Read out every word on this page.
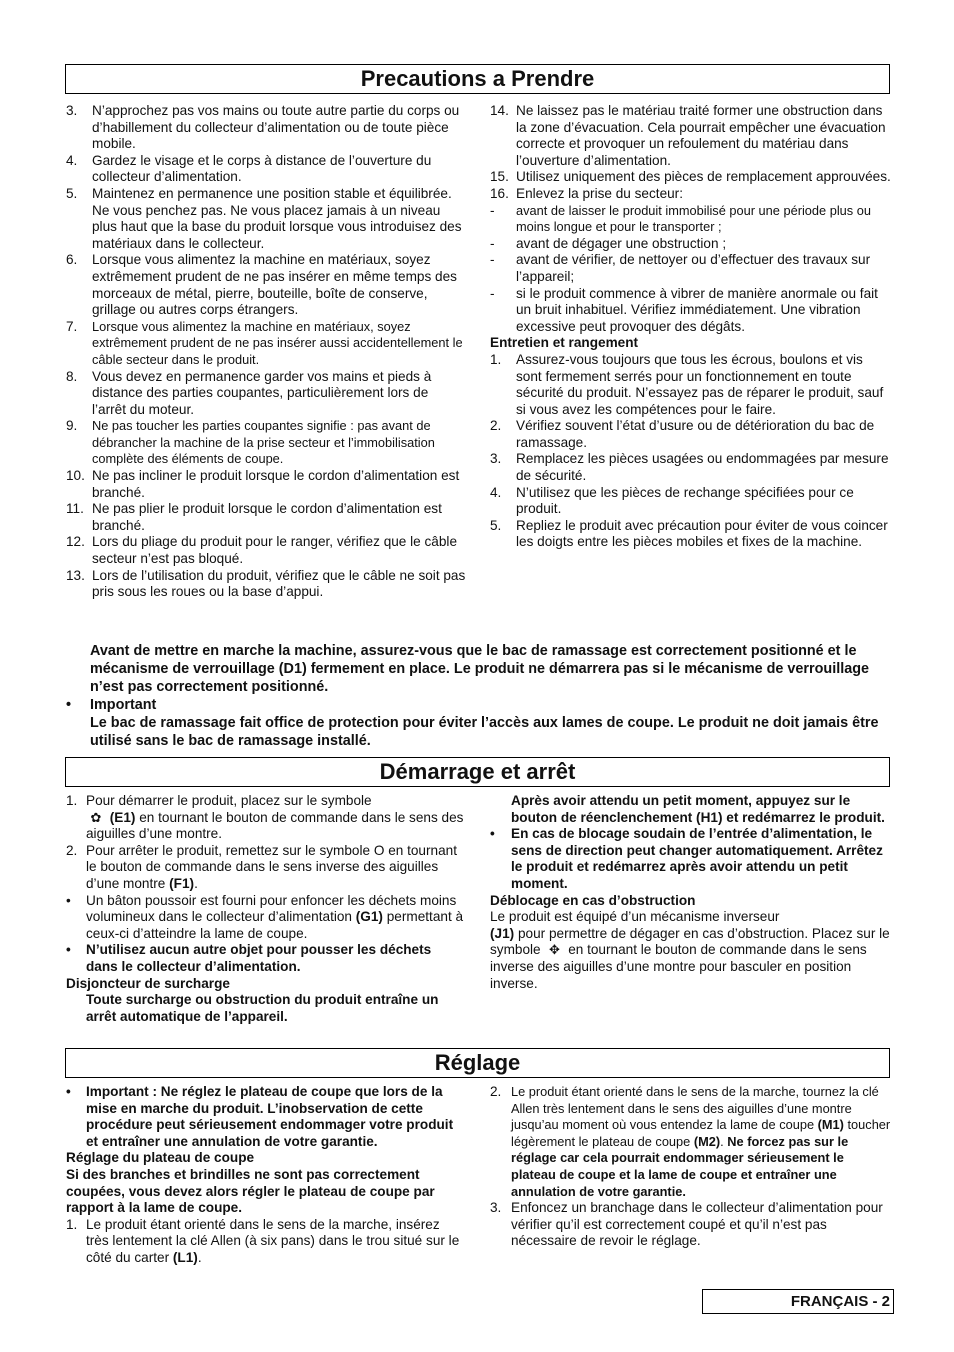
Precautions a Prendre
3.	N’approchez pas vos mains ou toute autre partie du corps ou d’habillement du collecteur d’alimentation ou de toute pièce mobile.
4.	Gardez le visage et le corps à distance de l’ouverture du collecteur d’alimentation.
5.	Maintenez en permanence une position stable et équilibrée. Ne vous penchez pas. Ne vous placez jamais à un niveau plus haut que la base du produit lorsque vous introduisez des matériaux dans le collecteur.
6.	Lorsque vous alimentez la machine en matériaux, soyez extrêmement prudent de ne pas insérer en même temps des morceaux de métal, pierre, bouteille, boîte de conserve, grillage ou autres corps étrangers.
7.	Lorsque vous alimentez la machine en matériaux, soyez extrêmement prudent de ne pas insérer aussi accidentellement le câble secteur dans le produit.
8.	Vous devez en permanence garder vos mains et pieds à distance des parties coupantes, particulièrement lors de l’arrêt du moteur.
9.	Ne pas toucher les parties coupantes signifie : pas avant de débrancher la machine de la prise secteur et l’immobilisation complète des éléments de coupe.
10. Ne pas incliner le produit lorsque le cordon d’alimentation est branché.
11. Ne pas plier le produit lorsque le cordon d’alimentation est branché.
12. Lors du pliage du produit pour le ranger, vérifiez que le câble secteur n’est pas bloqué.
13. Lors de l’utilisation du produit, vérifiez que le câble ne soit pas pris sous les roues ou la base d’appui.
14. Ne laissez pas le matériau traité former une obstruction dans la zone d’évacuation. Cela pourrait empêcher une évacuation correcte et provoquer un refoulement du matériau dans l’ouverture d’alimentation.
15. Utilisez uniquement des pièces de remplacement approuvées.
16. Enlevez la prise du secteur:
-	avant de laisser le produit immobilisé pour une période plus ou moins longue et pour le transporter ;
-	avant de dégager une obstruction ;
-	avant de vérifier, de nettoyer ou d’effectuer des travaux sur l’appareil;
-	si le produit commence à vibrer de manière anormale ou fait un bruit inhabituel. Vérifiez immédiatement. Une vibration excessive peut provoquer des dégâts.
Entretien et rangement
1.	Assurez-vous toujours que tous les écrous, boulons et vis sont fermement serrés pour un fonctionnement en toute sécurité du produit. N’essayez pas de réparer le produit, sauf si vous avez les compétences pour le faire.
2.	Vérifiez souvent l’état d’usure ou de détérioration du bac de ramassage.
3.	Remplacez les pièces usagées ou endommagées par mesure de sécurité.
4.	N’utilisez que les pièces de rechange spécifiées pour ce produit.
5.	Repliez le produit avec précaution pour éviter de vous coincer les doigts entre les pièces mobiles et fixes de la machine.
Avant de mettre en marche la machine, assurez-vous que le bac de ramassage est correctement positionné et le mécanisme de verrouillage (D1) fermement en place. Le produit ne démarrera pas si le mécanisme de verrouillage n’est pas correctement positionné.
•	Important
Le bac de ramassage fait office de protection pour éviter l’accès aux lames de coupe. Le produit ne doit jamais être utilisé sans le bac de ramassage installé.
Démarrage et arrêt
1. Pour démarrer le produit, placez sur le symbole
✿ (E1) en tournant le bouton de commande dans le sens des aiguilles d’une montre.
2. Pour arrêter le produit, remettez sur le symbole O en tournant le bouton de commande dans le sens inverse des aiguilles d’une montre (F1).
•	Un bâton poussoir est fourni pour enfoncer les déchets moins volumineux dans le collecteur d’alimentation (G1) permettant à ceux-ci d’atteindre la lame de coupe.
•	N’utilisez aucun autre objet pour pousser les déchets dans le collecteur d’alimentation.
Disjoncteur de surcharge
Toute surcharge ou obstruction du produit entraîne un arrêt automatique de l’appareil.
Après avoir attendu un petit moment, appuyez sur le bouton de réenclenchement (H1) et redémarrez le produit.
•	En cas de blocage soudain de l’entrée d’alimentation, le sens de direction peut changer automatiquement. Arrêtez le produit et redémarrez après avoir attendu un petit moment.
Déblocage en cas d’obstruction
Le produit est équipé d’un mécanisme inverseur
(J1) pour permettre de dégager en cas d’obstruction. Placez sur le symbole ✥ en tournant le bouton de commande dans le sens inverse des aiguilles d’une montre pour basculer en position inverse.
Réglage
•	Important : Ne réglez le plateau de coupe que lors de la mise en marche du produit. L’inobservation de cette procédure peut sérieusement endommager votre produit et entraîner une annulation de votre garantie.
Réglage du plateau de coupe
Si des branches et brindilles ne sont pas correctement coupées, vous devez alors régler le plateau de coupe par rapport à la lame de coupe.
1. Le produit étant orienté dans le sens de la marche, insérez très lentement la clé Allen (à six pans) dans le trou situé sur le côté du carter (L1).
2. Le produit étant orienté dans le sens de la marche, tournez la clé Allen très lentement dans le sens des aiguilles d’une montre jusqu’au moment où vous entendez la lame de coupe (M1) toucher légèrement le plateau de coupe (M2). Ne forcez pas sur le réglage car cela pourrait endommager sérieusement le plateau de coupe et la lame de coupe et entraîner une annulation de votre garantie.
3. Enfoncez un branchage dans le collecteur d’alimentation pour vérifier qu’il est correctement coupé et qu’il n’est pas nécessaire de revoir le réglage.
FRANÇAIS - 2
